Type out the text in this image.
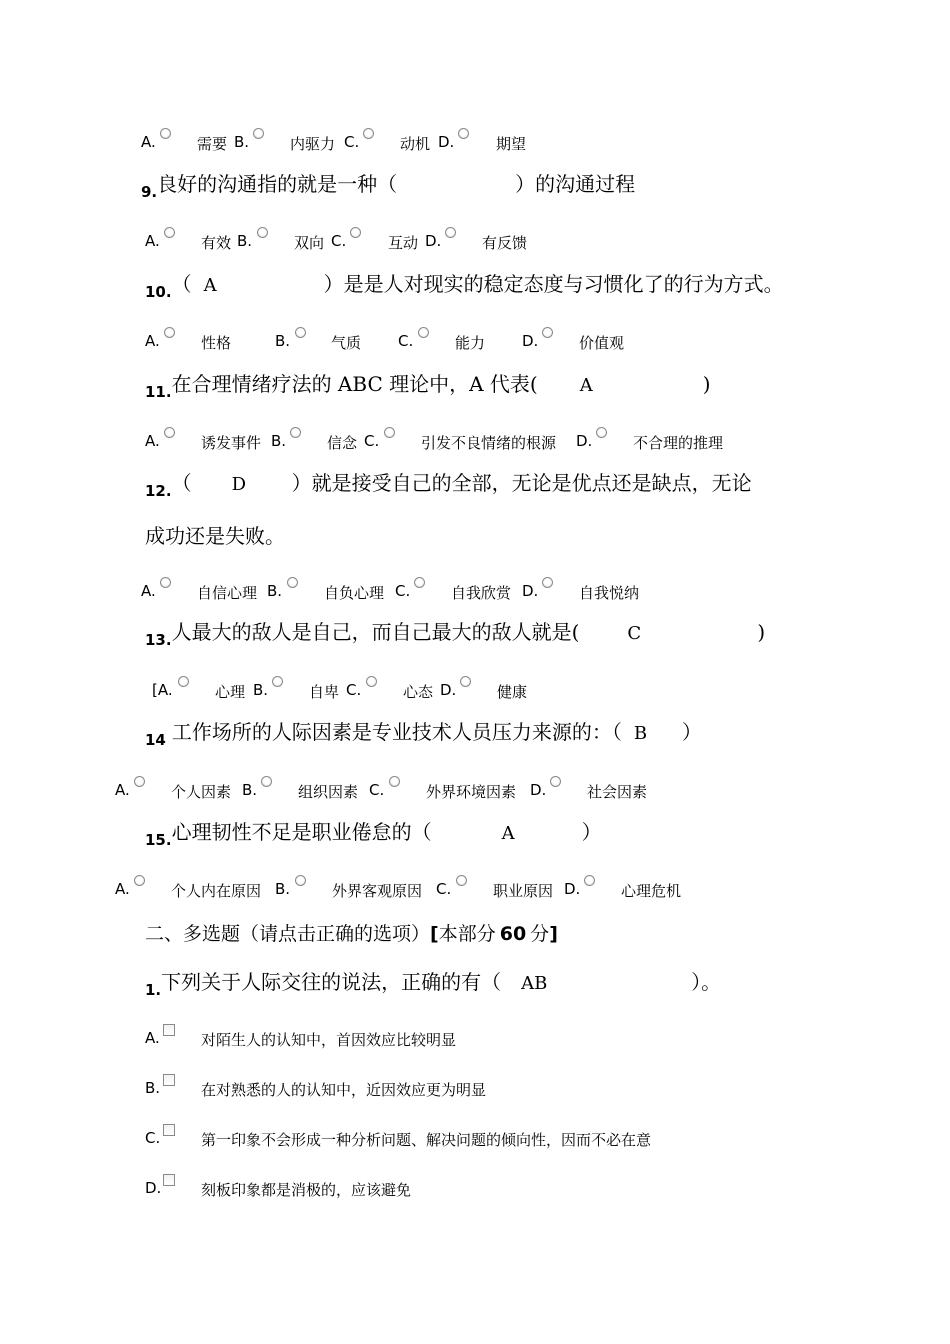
A.	需要 B.	内驱力 C.	动机 D.	期望
9.良好的沟通指的就是一种（	）的沟通过程
A.	有效 B.	双向 C.	互动 D.	有反馈
10.（ A	）是是人对现实的稳定态度与习惯化了的行为方式。
A.	性格	B.	气质 C.	能力 D.	价值观
11.在合理情绪疗法的 ABC 理论中，A 代表( A	)
A.	诱发事件 B.	信念 C.	引发不良情绪的根源 D.	不合理的推理
12.（ D ）就是接受自己的全部，无论是优点还是缺点，无论
成功还是失败。
A.	自信心理 B.	自负心理 C.	自我欣赏 D.	自我悦纳
13.人最大的敌人是自己，而自己最大的敌人就是(	C	)
[A.	心理 B.	自卑 C.	心态 D.	健康
14 工作场所的人际因素是专业技术人员压力来源的：（ B ）
A.	个人因素 B.	组织因素 C.	外界环境因素 D.	社会因素
15.心理韧性不足是职业倦怠的（	A	）
A.	个人内在原因 B.	外界客观原因 C.	职业原因 D.	心理危机
二、多选题（请点击正确的选项）[本部分 60 分]
1.下列关于人际交往的说法，正确的有（ AB	）。
A.	对陌生人的认知中，首因效应比较明显
B.	在对熟悉的人的认知中，近因效应更为明显
C.	第一印象不会形成一种分析问题、解决问题的倾向性，因而不必在意
D.	刻板印象都是消极的，应该避免
